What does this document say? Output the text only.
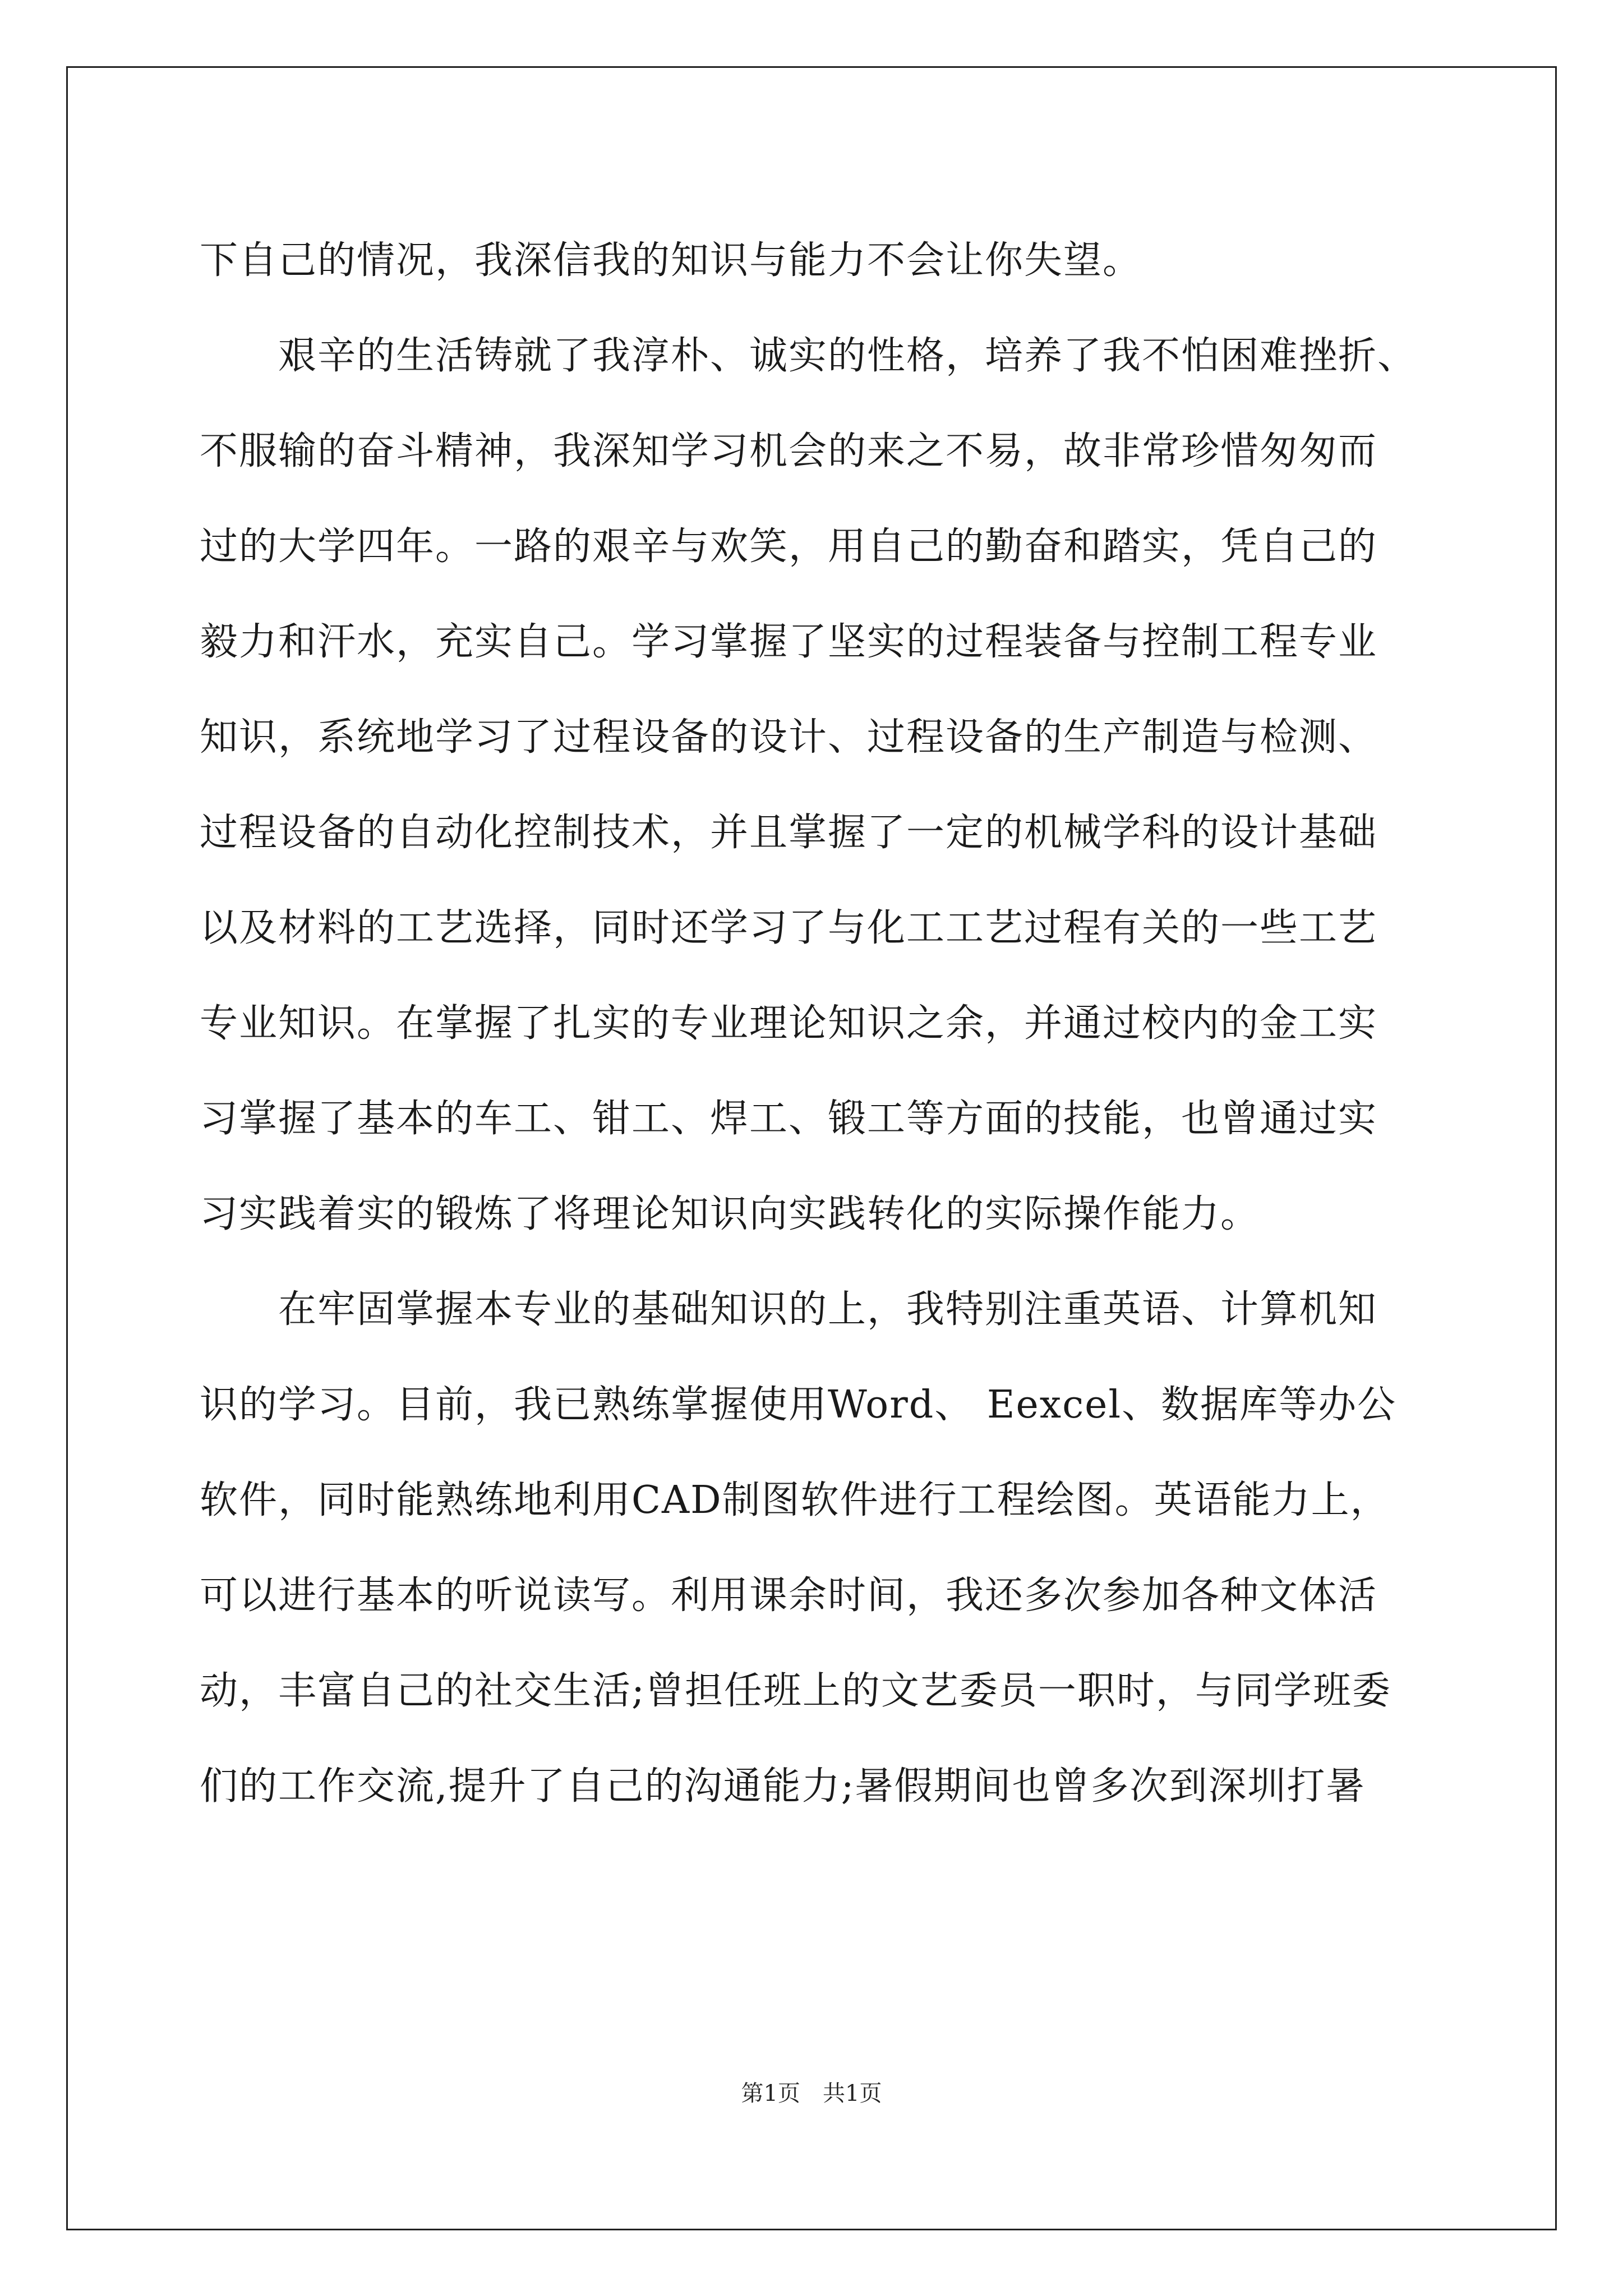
下自己的情况，我深信我的知识与能力不会让你失望。
艰辛的生活铸就了我淳朴、诚实的性格，培养了我不怕困难挫折、
不服输的奋斗精神，我深知学习机会的来之不易，故非常珍惜匆匆而
过的大学四年。一路的艰辛与欢笑，用自己的勤奋和踏实，凭自己的
毅力和汗水，充实自己。学习掌握了坚实的过程装备与控制工程专业
知识，系统地学习了过程设备的设计、过程设备的生产制造与检测、
过程设备的自动化控制技术，并且掌握了一定的机械学科的设计基础
以及材料的工艺选择，同时还学习了与化工工艺过程有关的一些工艺
专业知识。在掌握了扎实的专业理论知识之余，并通过校内的金工实
习掌握了基本的车工、钳工、焊工、锻工等方面的技能，也曾通过实
习实践着实的锻炼了将理论知识向实践转化的实际操作能力。
在牢固掌握本专业的基础知识的上，我特别注重英语、计算机知
识的学习。目前，我已熟练掌握使用Word、 Eexcel、数据库等办公
软件，同时能熟练地利用CAD制图软件进行工程绘图。英语能力上，
可以进行基本的听说读写。利用课余时间，我还多次参加各种文体活
动，丰富自己的社交生活;曾担任班上的文艺委员一职时，与同学班委
们的工作交流,提升了自己的沟通能力;暑假期间也曾多次到深圳打暑
第1页　共1页
